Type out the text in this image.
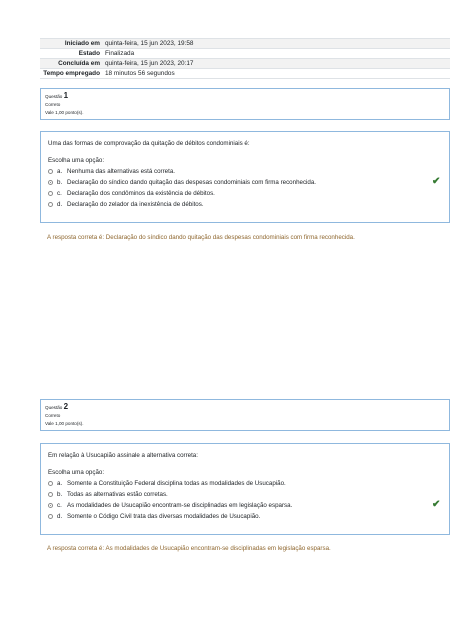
Iniciado em quinta-feira, 15 jun 2023, 19:58
Estado Finalizada
Concluída em quinta-feira, 15 jun 2023, 20:17
Tempo empregado 18 minutos 56 segundos
Questão 1
Correto
Vale 1,00 ponto(s).
Uma das formas de comprovação da quitação de débitos condominiais é:
Escolha uma opção:
a. Nenhuma das alternativas está correta.
b. Declaração do síndico dando quitação das despesas condominiais com firma reconhecida.	✔
c. Declaração dos condôminos da existência de débitos.
d. Declaração do zelador da inexistência de débitos.
A resposta correta é: Declaração do síndico dando quitação das despesas condominiais com firma reconhecida.
Questão 2
Correto
Vale 1,00 ponto(s).
Em relação à Usucapião assinale a alternativa correta:
Escolha uma opção:
a. Somente a Constituição Federal disciplina todas as modalidades de Usucapião.
b. Todas as alternativas estão corretas.
c. As modalidades de Usucapião encontram-se disciplinadas em legislação esparsa.	✔
d. Somente o Código Civil trata das diversas modalidades de Usucapião.
A resposta correta é: As modalidades de Usucapião encontram-se disciplinadas em legislação esparsa.
